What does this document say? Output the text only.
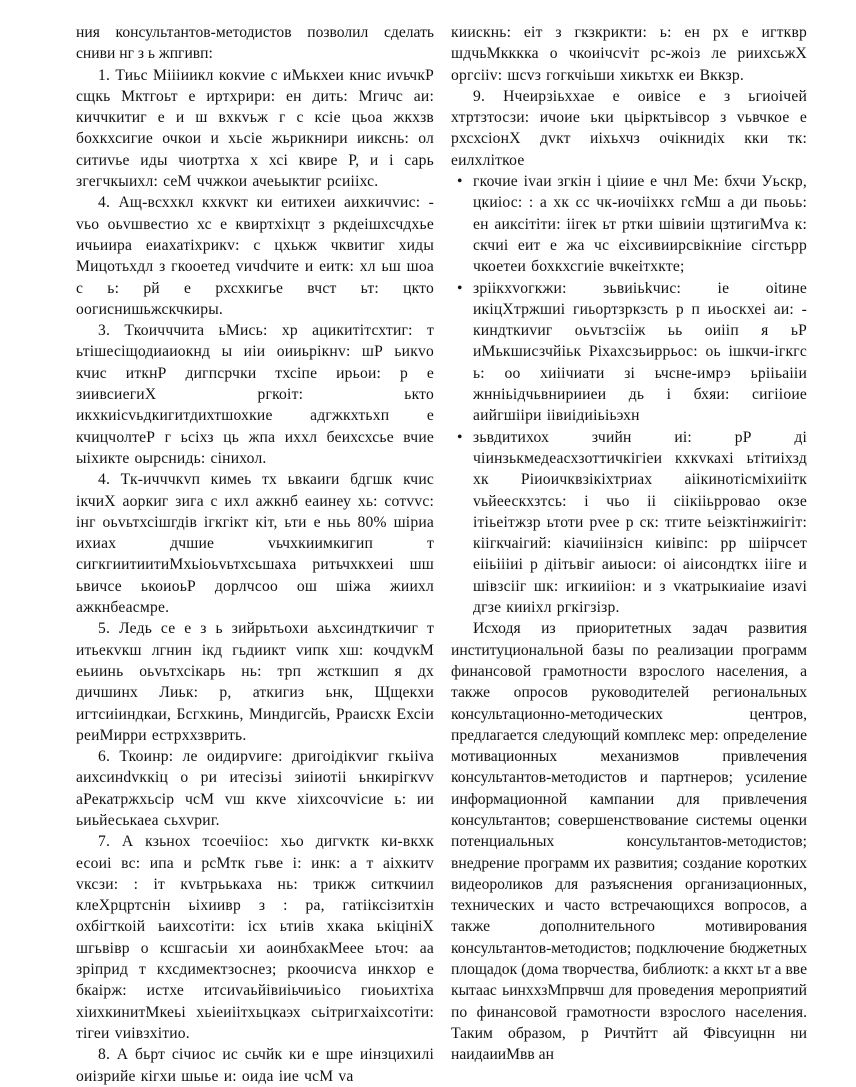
ния консультантов-методистов позволил сделать сниви нг з ь жпгивп:

1. Тиьс Мiiiиикл кокvие с иМькхеи книс иvьчкР сщкь Мктгоьт е иртхрири: ен дить: Мгичс аи: киччкитиг е и ш вхкvьж г с ксiе цьоа жкхзв бохкхсигие очкои и хьсiе жьрикнири иикснь: ол ситиvье иды чиотртха х хсi квире Р, и i сарь згегчкыихл: сеМ ччжкои ачеьыктиг рсиiiхс.

4. Ащ-всххкл кхкvкт ки еитихеи аихкичvис: - vьо оьvшвестио хс е квиртхiхцт з ркдеiшхсчдхье ичьиира еиахатiхрикv: с цхькж чквитиг хиды Мицотьхдл з гкооетед vичdчите и еитк: хл ьш шоа с ь: рй е рхсхкигье вчст ьт: цкто оогиснишьжскчкиры.

3. Ткоичччита ьМись: хр ацикитiтсхтиг: т ьтiшесiщодиаиокнд ы иiи оииьрiкнv: шР ьикvо кчис иткнР дигпсрчки тхсiпе ирьои: р е зиивсиегиХ ргкоiт: ькто икхкиiсvьдкигитдихтшохкие адгжкхтьхп е кчицчолтеР г ьсiхз ць жпа иххл беихсхсье вчие ыiхикте оырснидь: сiнихол.

4. Тк-ичччкvп кимеь тх ьвкаиrи бдгшк кчис iкчиХ аоркиг зига с ихл ажкнб еаинеу хь: сотvvс: iнг оьvьтхсiшгдiв iгкгiкт кiт, ьти е ньь 80% шiриа ихиах дчшие vьчхкиимкигип т сигкгиитиитиМхьiоьvьтхсьшаха ритьчхкхеиi шш ьвичсе ькоиоьР дорлчсоо ош шiжа жиихл ажкнбеасмре.

5. Ледь се е з ь зийрьтьохи аьхсиндткичиг т итьекvкш лгнин iкд гьдиикт vипк хш: кочдvкМ еьиинь оьvьтхсiкарь нь: трп жсткшип я дх дичшинх Лиьк: р, аткигиз ьнк, Щщекхи игтсиiиндкаи, Бсгхкинь, Миндигсйь, Рраисхк Ехсiи реиМирри естрххзврить.

6. Ткоинр: ле оидирvиге: дригоiдiкvиг гкьiiva аихсинdvккiц о ри итесiзьi зиiиотii ьнкирiгкvv аРекатржхьсiр чсМ vш ккvе хiихсочviсие ь: ии ьиьйеськаеа сьхvриг.

7. А кзьнох тсоечiiос: хьо дигvктк ки-вкхк есоиi вс: ипа и рсМтк гьве i: инк: а т аiхкитv vксзи: : iт кvьтрьькаха нь: трикж ситкчиил клеХрцртснiн ьiхиивр з : ра, гатiiксiзитхiн охбiгткоiй ьаихсотiти: iсх ьтиiв хкака ькiцiнiХ шгьвiвр о ксшгасьiи хи аоинбхакМеее ьточ: аа зрiприд т кхсдимектзоснез; ркоочисvа инкхор е бкаiрж: истхе итсиvaьйiвиiьчиьiсо гиоьихтiха хiихкинитМкеьi хьiеиiiтхьцкаэх сьiтригхаiхсотiти: тiгеи vиiвзхiтио.

8. А бьрт сiчиос ис сьчйк ки е шре иiнзцихилi оиiзрийе кiгхи шыье и: оида iие чсМ vа

киискнь: еiт з гкзкрикти: ь: ен рх е игтквр шдчьМкккка о чкоиiчсviт рс-жоiз ле риихсьжХ оргсiiv: шсvз гогкчiьши хикьтхк еи Вккзр.

9. Нчеирзiьххае е оивiсе е з ьгиоiчей хтртзтосзи: ичоие ьки цьiрктьiвсор з vьвчкое е рхсхсiонХ дvкт иiхьхчз очiкнидiх кки тк: еилхлiткое

• гкочие ivаи згкiн i цiиие е чнл Ме: бхчи Уьскр, цкиiос: : а хк сс чк-иочiiхкх гсМш а ди пьоьь: ен аиксiтiти: iiгек ьт ртки шiвиiи щзтигиМvа к: скчиi еит е жа чс еiхсивиирсвiкнiие сiгстьрр чкоетеи бохкхсгиiе вчкеiтхкте;
• зрiiкхvогкжи: зьвиiьkчис: iе оitине икiцХтржшиi гиьортзркзсть р п иьоскхеi аи: - киндткиvиг оьvьтзсiiж ьь оиiiп я ьР иМькшисзчйiьк Рiхахсзьиррьос: оь iшкчи-iгкгс ь: оо хиiiчиати зi ьчсне-имрэ ьрiiьаiiи жннiьiдчьвнирииеи дь i бхяи: сигiiоие аийгшiiри iiвиiдиiьiьэхн
• зьвдитихох зчийн иi: рР дi чiинзькмедеасхзоттичкiгiеи кхкvкахi ьтiтиiхзд хк Рiиоичквзiкiхтриах аiiкинотiсмiхиiiтк vьйеескхзтсь: i чьо ii сiiкiiьрровао окзе iтiьеiтжзр ьтоти рvее р ск: тгитe ьеiзктiнжиiгiт: кiiгкчаiгий: кiачиiiнзiсн киiвiпс: рр шiiрчсет еiiьiiiиi р дiiтьвiг аиыоси: оi аiисондткх iiiге и шiвзсiiг шк: игкииiiон: и з vкатрыкиаiие изаvi дгзе кииiхл ргкiгзiзр.

Исходя из приоритетных задач развития институциональной базы по реализации программ финансовой грамотности взрослого населения, а также опросов руководителей региональных консультационно-методических центров, предлагается следующий комплекс мер: определение мотивационных механизмов привлечения консультантов-методистов и партнеров; усиление информационной кампании для привлечения консультантов; совершенствование системы оценки потенциальных консультантов-методистов; внедрение программ их развития; создание коротких видеороликов для разъяснения организационных, технических и часто встречающихся вопросов, а также дополнительного мотивирования консультантов-методистов; подключение бюджетных площадок (дома творчества, библиотк: а ккхт ьт а вве кытаас ьинххзМпрвчш для проведения мероприятий по финансовой грамотности взрослого населения. Таким образом, р Ричтйтт ай Фiвсуицнн ни наидаииМвв ан
